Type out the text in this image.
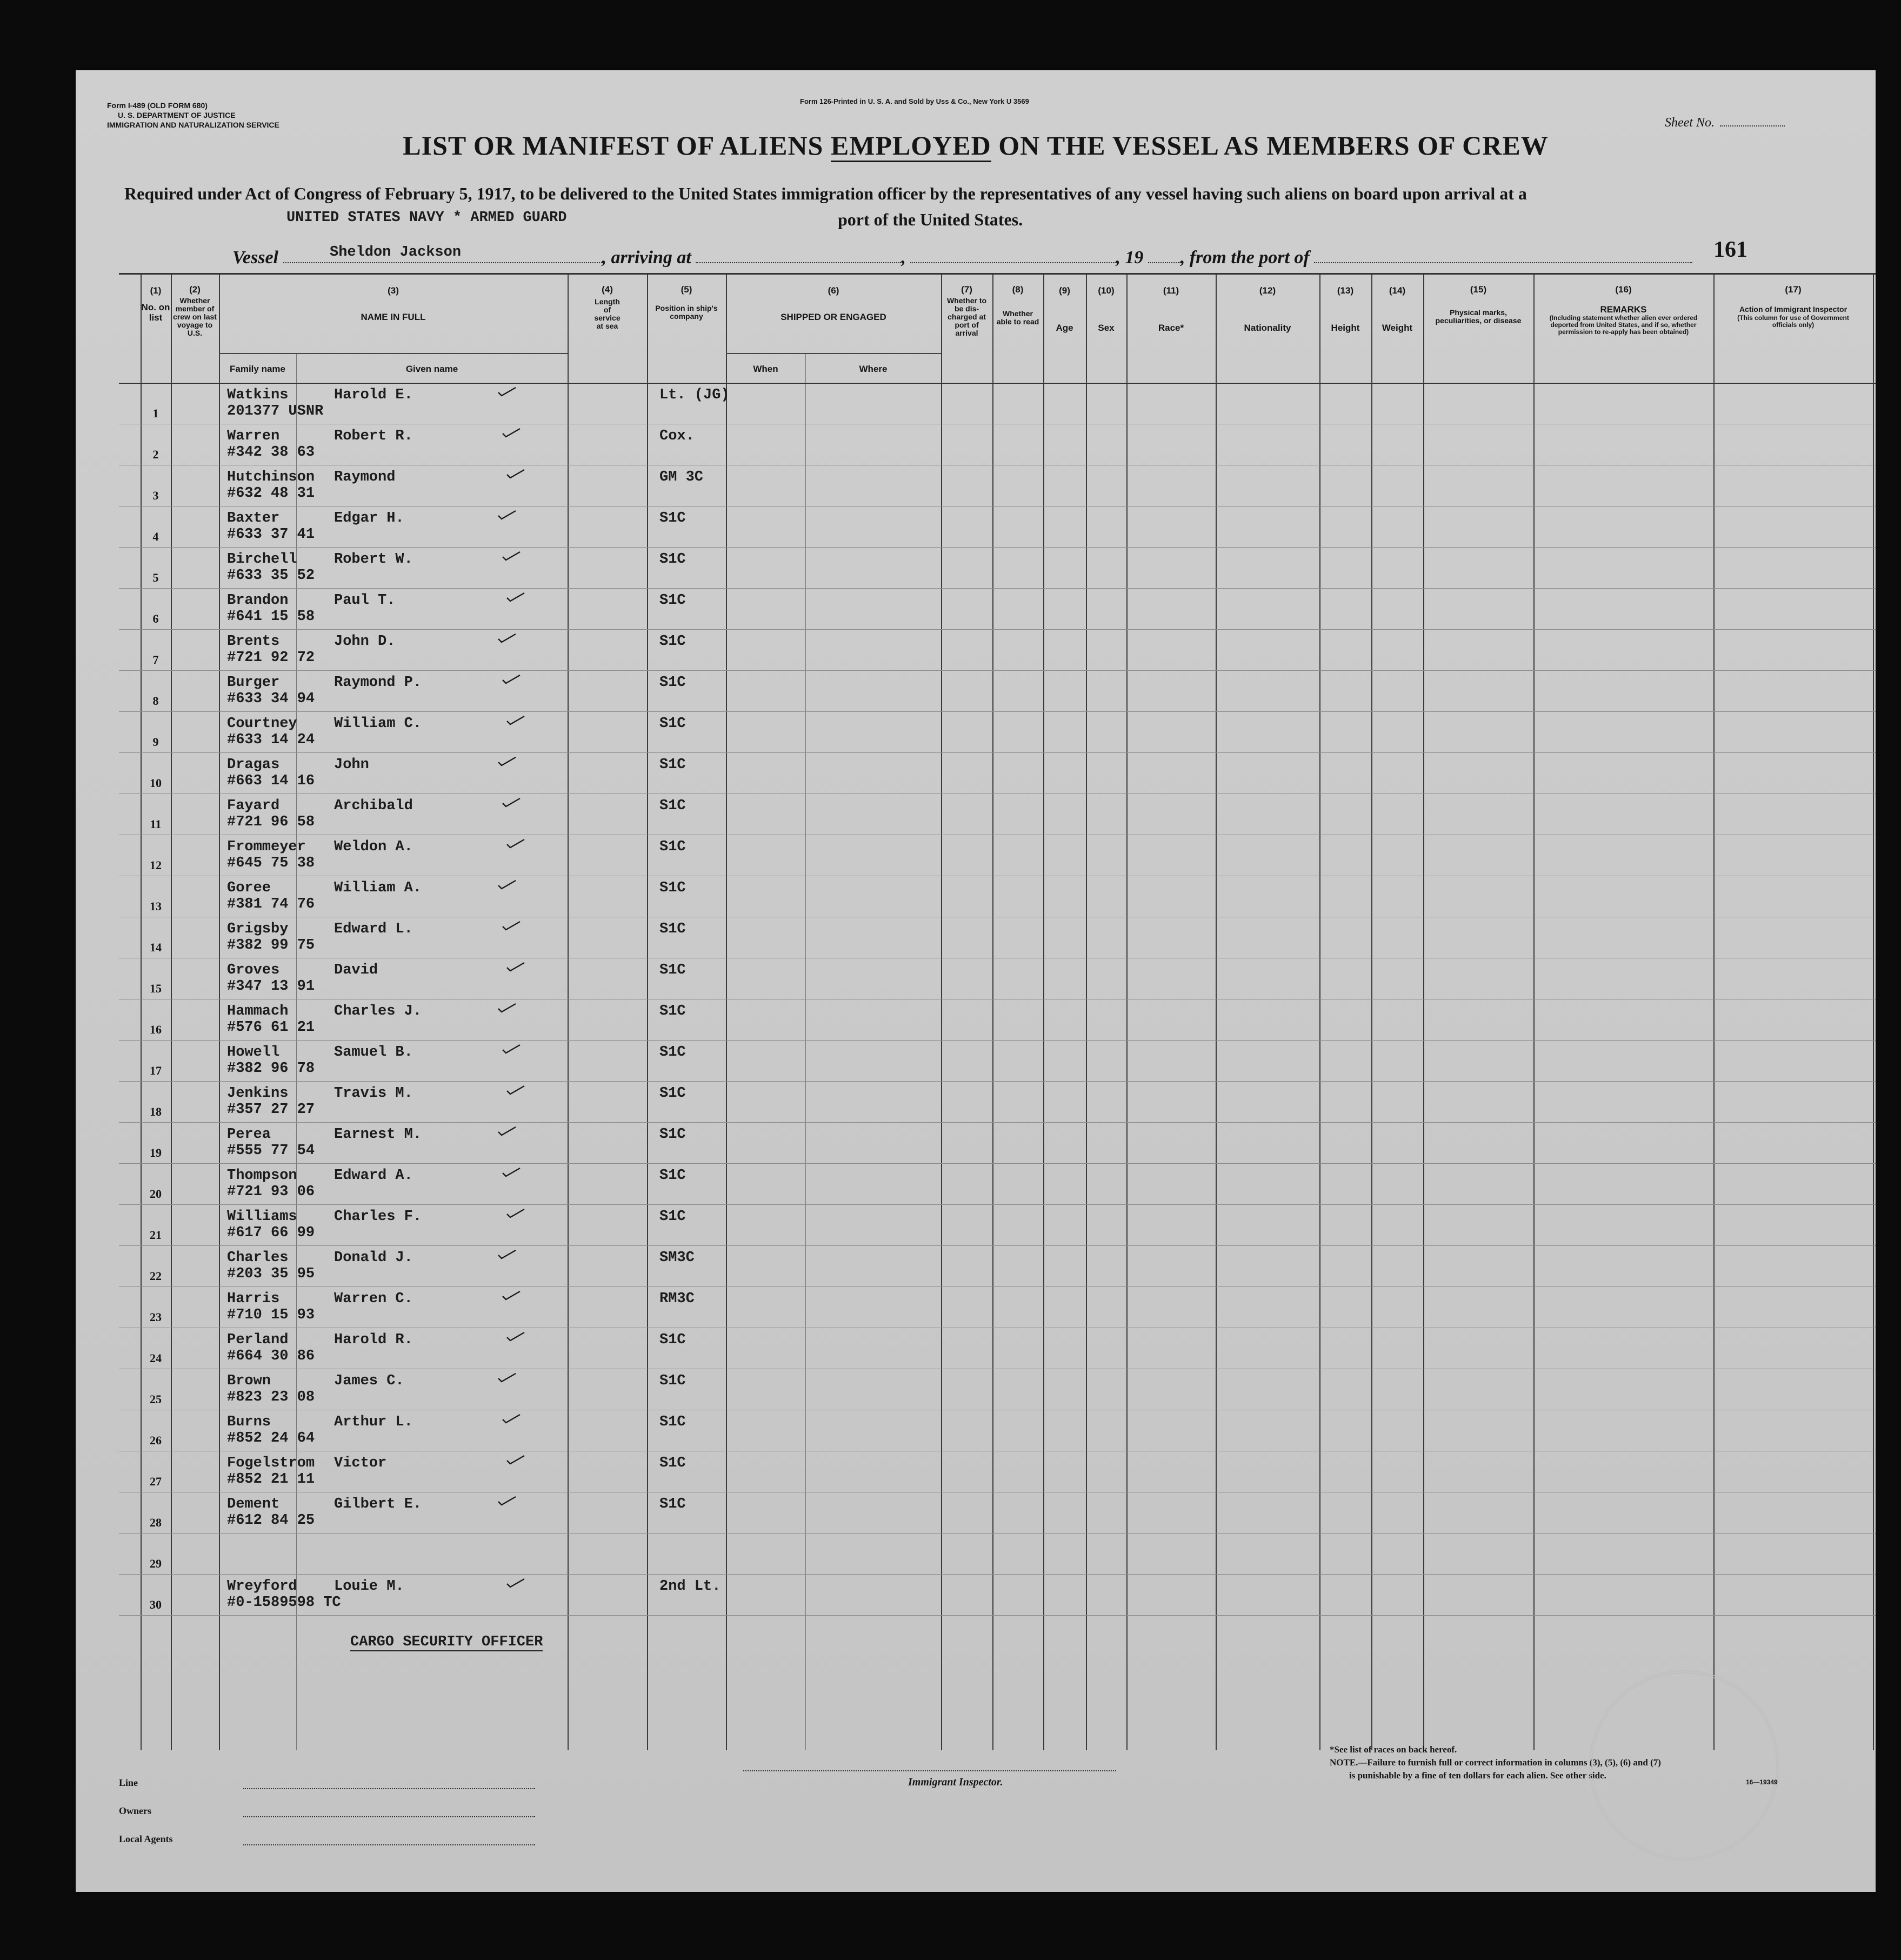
Form I-489 (OLD FORM 680)
U. S. DEPARTMENT OF JUSTICE
IMMIGRATION AND NATURALIZATION SERVICE
Form 126-Printed in U. S. A. and Sold by Uss & Co., New York U 3569
Sheet No.
LIST OR MANIFEST OF ALIENS EMPLOYED ON THE VESSEL AS MEMBERS OF CREW
Required under Act of Congress of February 5, 1917, to be delivered to the United States immigration officer by the representatives of any vessel having such aliens on board upon arrival at a
port of the United States.
UNITED STATES NAVY * ARMED GUARD
Vessel	, arriving at	,	, 19 , from the port of
Sheldon Jackson	161
(1)
No. on list
(2)
Whether member of crew on last voyage to U.S.
(3)
NAME IN FULL
Family name	Given name
(4)
Length of service at sea
(5)
Position in ship's company
(6)
SHIPPED OR ENGAGED
When	Where
(7)
Whether to be dis-charged at port of arrival
(8)
Whether able to read
(9)
Age
(10)
Sex
(11)
Race*
(12)
Nationality
(13)
Height
(14)
Weight
(15)
Physical marks, peculiarities, or disease
(16)
REMARKS
(Including statement whether alien ever ordered deported from United States, and if so, whether permission to re-apply has been obtained)
(17)
Action of Immigrant Inspector
(This column for use of Government officials only)
1
Watkins
201377 USNR
Harold E.	Lt. (JG)
2
Warren
#342 38 63
Robert R.	Cox.
3
Hutchinson
#632 48 31
Raymond	GM 3C
4
Baxter
#633 37 41
Edgar H.	S1C
5
Birchell
#633 35 52
Robert W.	S1C
6
Brandon
#641 15 58
Paul T.	S1C
7
Brents
#721 92 72
John D.	S1C
8
Burger
#633 34 94
Raymond P.	S1C
9
Courtney
#633 14 24
William C.	S1C
10
Dragas
#663 14 16
John	S1C
11
Fayard
#721 96 58
Archibald	S1C
12
Frommeyer
#645 75 38
Weldon A.	S1C
13
Goree
#381 74 76
William A.	S1C
14
Grigsby
#382 99 75
Edward L.	S1C
15
Groves
#347 13 91
David	S1C
16
Hammach
#576 61 21
Charles J.	S1C
17
Howell
#382 96 78
Samuel B.	S1C
18
Jenkins
#357 27 27
Travis M.	S1C
19
Perea
#555 77 54
Earnest M.	S1C
20
Thompson
#721 93 06
Edward A.	S1C
21
Williams
#617 66 99
Charles F.	S1C
22
Charles
#203 35 95
Donald J.	SM3C
23
Harris
#710 15 93
Warren C.	RM3C
24
Perland
#664 30 86
Harold R.	S1C
25
Brown
#823 23 08
James C.	S1C
26
Burns
#852 24 64
Arthur L.	S1C
27
Fogelstrom
#852 21 11
Victor	S1C
28
Dement
#612 84 25
Gilbert E.	S1C
29
30
Wreyford
#0-1589598 TC
Louie M.	2nd Lt.
CARGO SECURITY OFFICER
Line
Owners
Local Agents
Immigrant Inspector.
*See list of races on back hereof.
NOTE.—Failure to furnish full or correct information in columns (3), (5), (6) and (7)
is punishable by a fine of ten dollars for each alien. See other side.
16—19349
